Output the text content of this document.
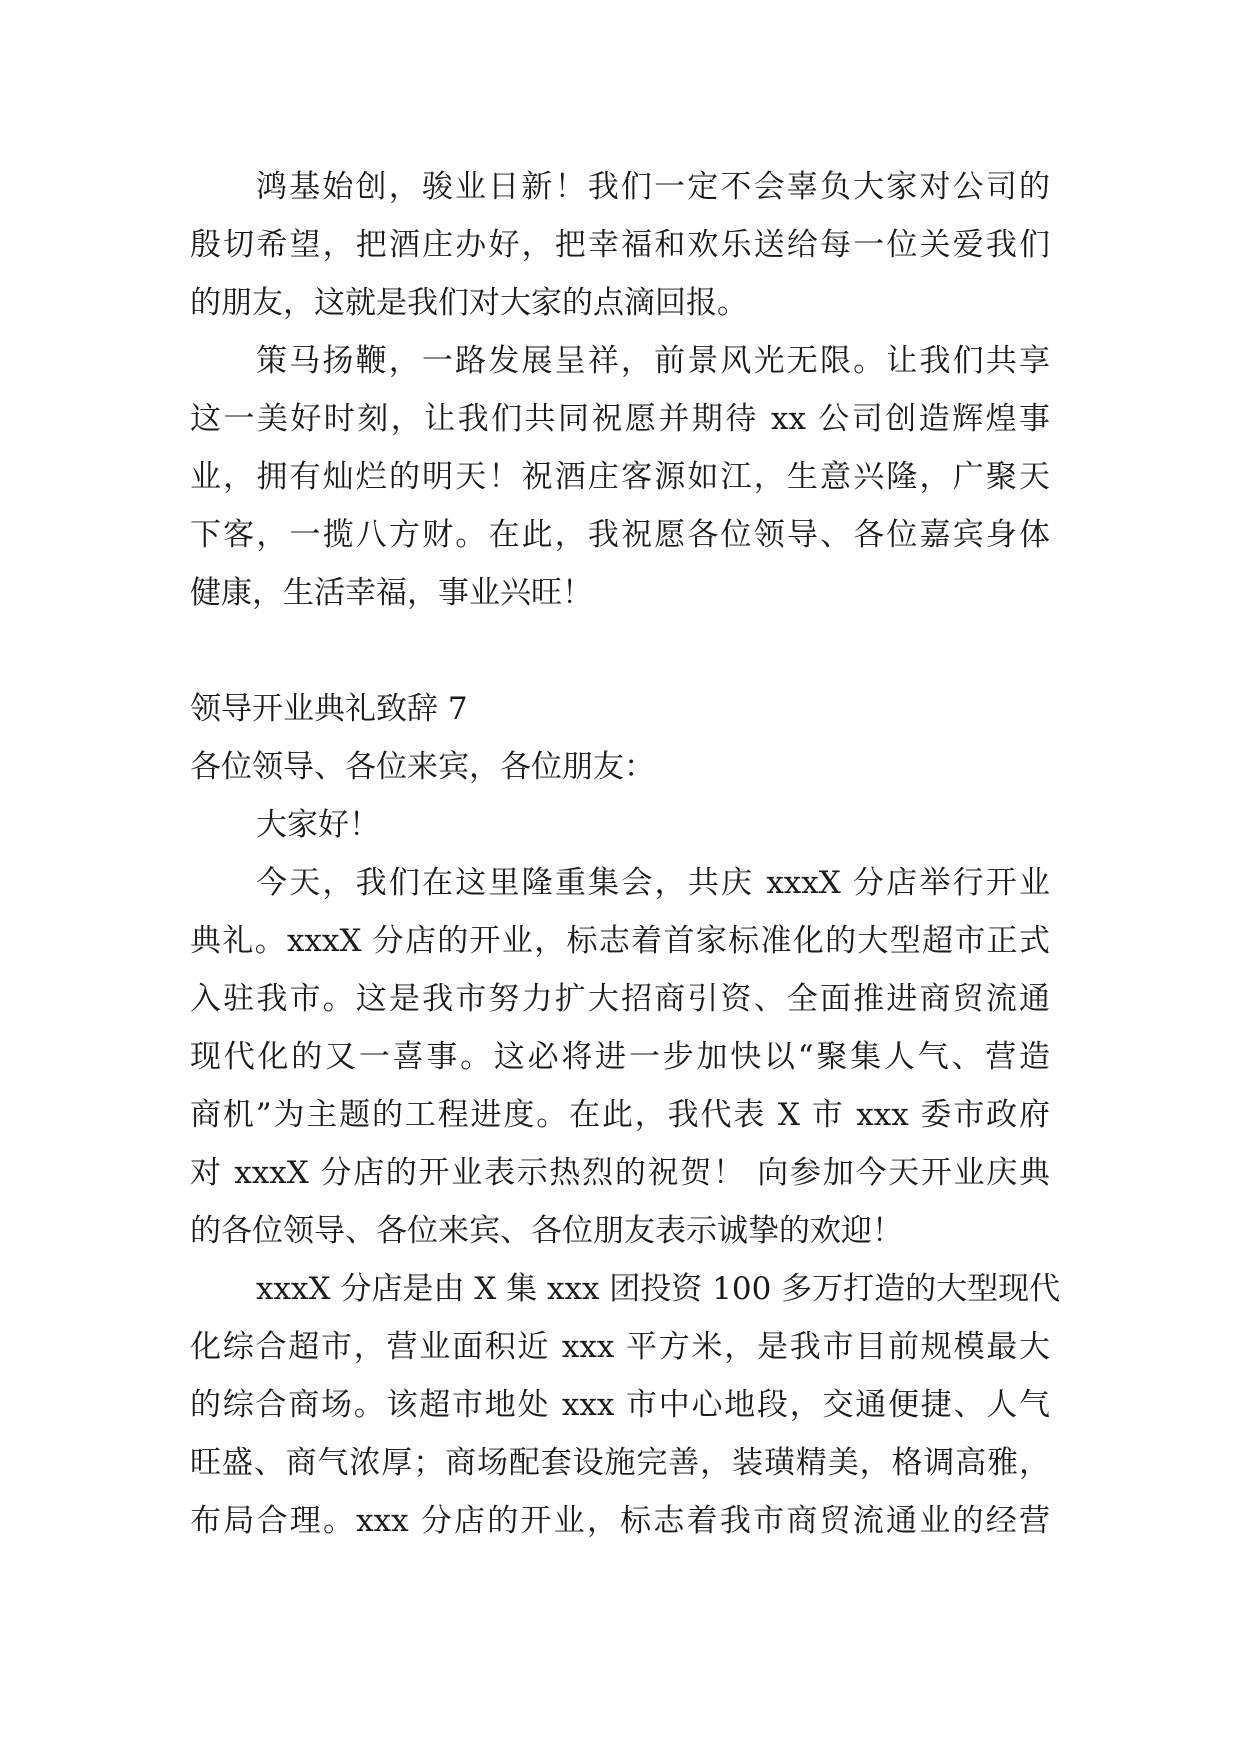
鸿基始创，骏业日新！我们一定不会辜负大家对公司的
殷切希望，把酒庄办好，把幸福和欢乐送给每一位关爱我们
的朋友，这就是我们对大家的点滴回报。
策马扬鞭，一路发展呈祥，前景风光无限。让我们共享
这一美好时刻，让我们共同祝愿并期待 xx 公司创造辉煌事
业，拥有灿烂的明天！祝酒庄客源如江，生意兴隆，广聚天
下客，一揽八方财。在此，我祝愿各位领导、各位嘉宾身体
健康，生活幸福，事业兴旺！
领导开业典礼致辞 7
各位领导、各位来宾，各位朋友：
大家好！
今天，我们在这里隆重集会，共庆 xxxX 分店举行开业
典礼。xxxX 分店的开业，标志着首家标准化的大型超市正式
入驻我市。这是我市努力扩大招商引资、全面推进商贸流通
现代化的又一喜事。这必将进一步加快以“聚集人气、营造
商机”为主题的工程进度。在此，我代表 X 市 xxx 委市政府
对 xxxX 分店的开业表示热烈的祝贺！ 向参加今天开业庆典
的各位领导、各位来宾、各位朋友表示诚挚的欢迎！
xxxX 分店是由 X 集 xxx 团投资 100 多万打造的大型现代
化综合超市，营业面积近 xxx 平方米，是我市目前规模最大
的综合商场。该超市地处 xxx 市中心地段，交通便捷、人气
旺盛、商气浓厚；商场配套设施完善，装璜精美，格调高雅，
布局合理。xxx 分店的开业，标志着我市商贸流通业的经营
